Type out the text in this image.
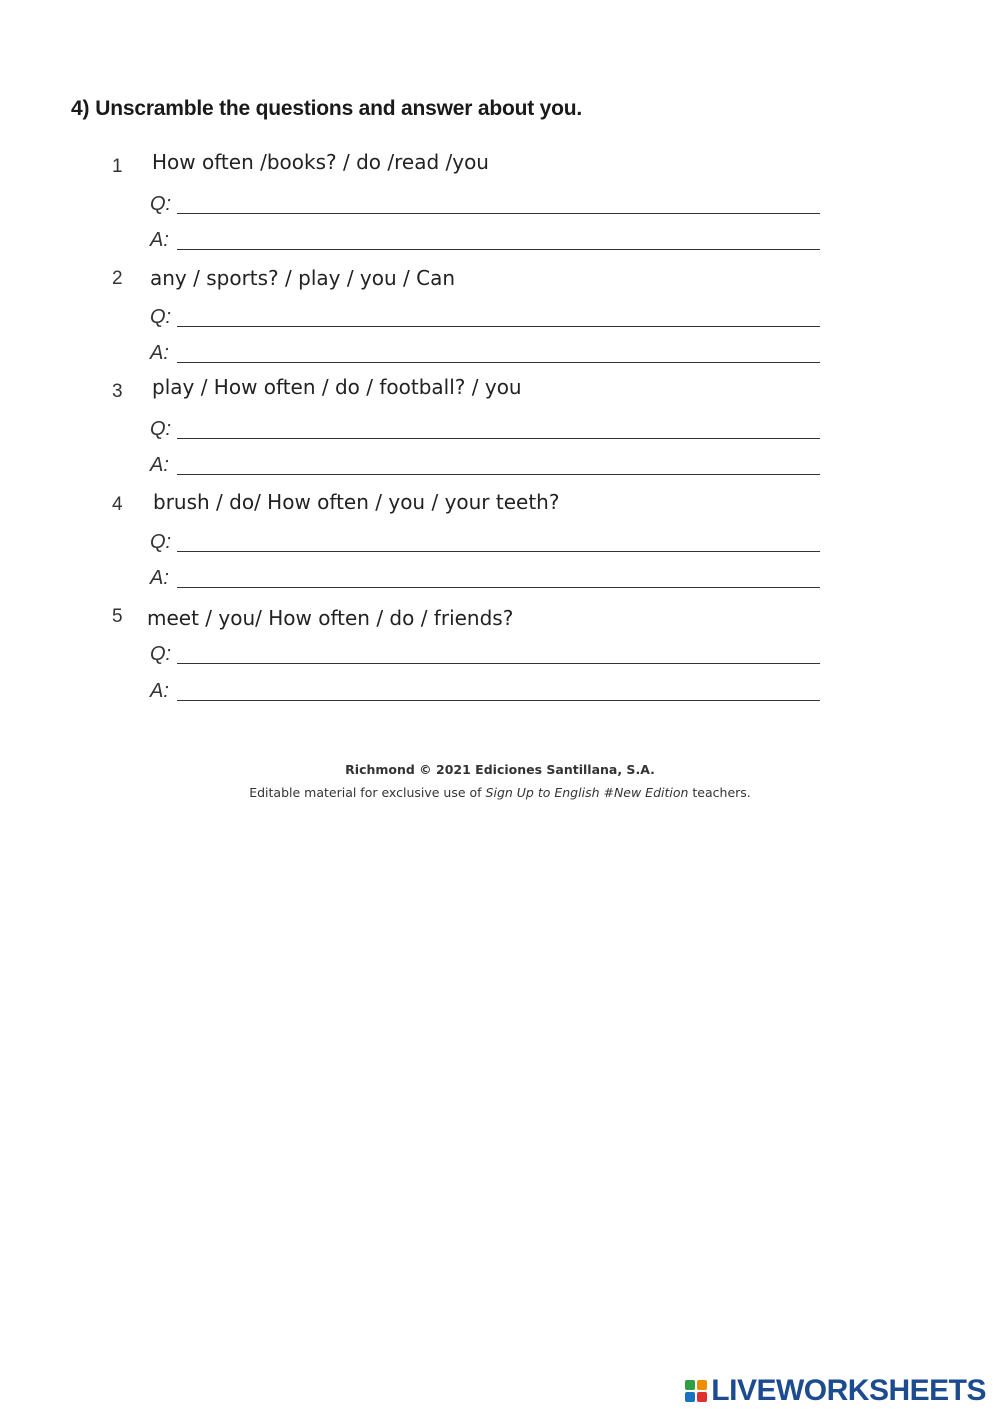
4) Unscramble the questions and answer about you.
1 How often /books? / do /read /you
Q:
A:
2 any / sports? / play / you / Can
Q:
A:
3 play / How often / do / football? / you
Q:
A:
4 brush / do/ How often / you / your teeth?
Q:
A:
5 meet / you/ How often / do / friends?
Q:
A:
Richmond © 2021 Ediciones Santillana, S.A.
Editable material for exclusive use of Sign Up to English #New Edition teachers.
LIVEWORKSHEETS
